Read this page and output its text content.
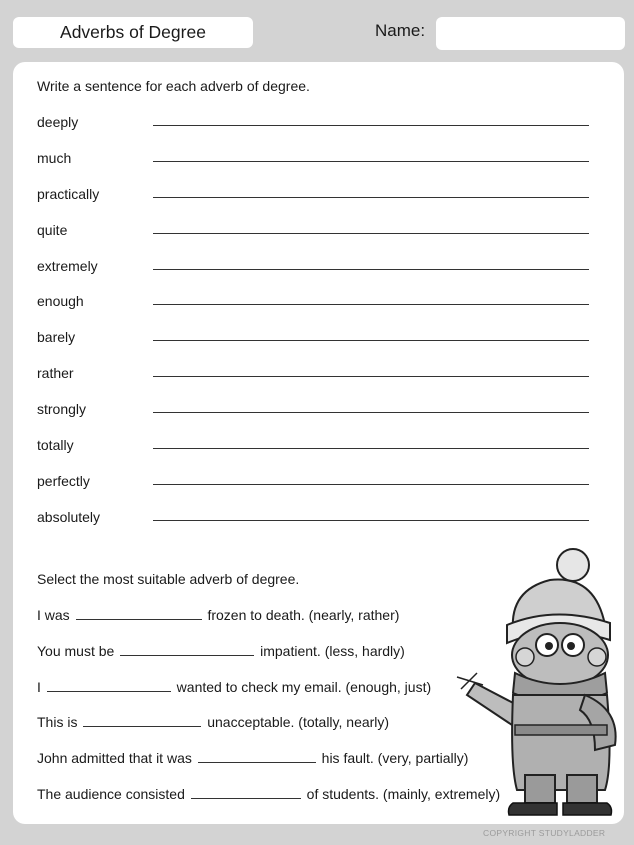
Adverbs of Degree	Name:
Write a sentence for each adverb of degree.
deeply
much
practically
quite
extremely
enough
barely
rather
strongly
totally
perfectly
absolutely
Select the most suitable adverb of degree.
I was	frozen to death. (nearly, rather)
You must be	impatient. (less, hardly)
I	wanted to check my email. (enough, just)
This is	unacceptable. (totally, nearly)
John admitted that it was	his fault. (very, partially)
The audience consisted	of students. (mainly, extremely)
COPYRIGHT STUDYLADDER
